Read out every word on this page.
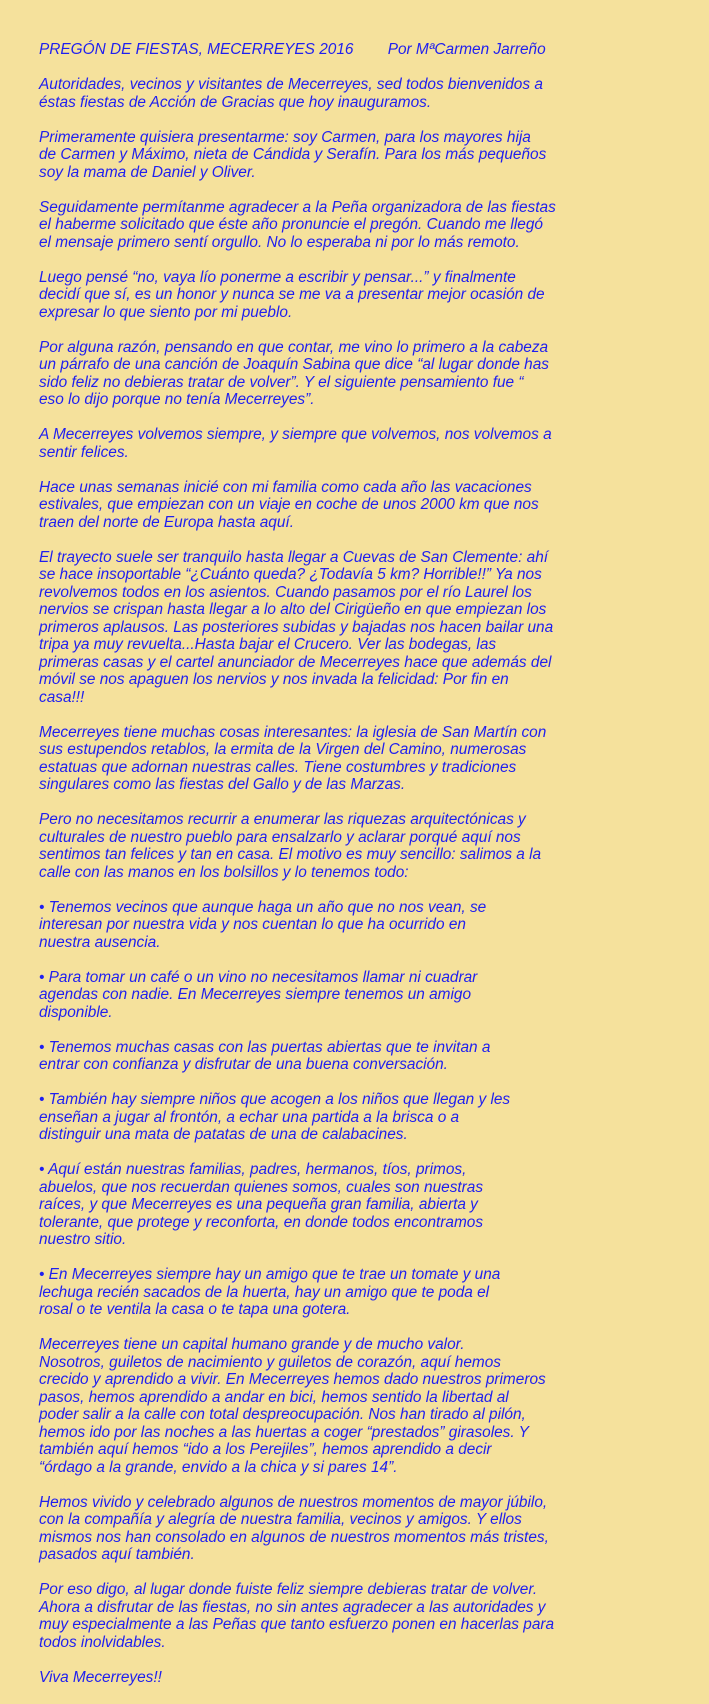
PREGÓN DE FIESTAS, MECERREYES 2016 Por MªCarmen Jarreño

Autoridades, vecinos y visitantes de Mecerreyes, sed todos bienvenidos a
éstas fiestas de Acción de Gracias que hoy inauguramos.

Primeramente quisiera presentarme: soy Carmen, para los mayores hija
de Carmen y Máximo, nieta de Cándida y Serafín. Para los más pequeños
soy la mama de Daniel y Oliver.

Seguidamente permítanme agradecer a la Peña organizadora de las fiestas
el haberme solicitado que éste año pronuncie el pregón. Cuando me llegó
el mensaje primero sentí orgullo. No lo esperaba ni por lo más remoto.

Luego pensé “no, vaya lío ponerme a escribir y pensar...” y finalmente
decidí que sí, es un honor y nunca se me va a presentar mejor ocasión de
expresar lo que siento por mi pueblo.

Por alguna razón, pensando en que contar, me vino lo primero a la cabeza
un párrafo de una canción de Joaquín Sabina que dice “al lugar donde has
sido feliz no debieras tratar de volver”. Y el siguiente pensamiento fue “
eso lo dijo porque no tenía Mecerreyes”.

A Mecerreyes volvemos siempre, y siempre que volvemos, nos volvemos a
sentir felices.

Hace unas semanas inicié con mi familia como cada año las vacaciones
estivales, que empiezan con un viaje en coche de unos 2000 km que nos
traen del norte de Europa hasta aquí.

El trayecto suele ser tranquilo hasta llegar a Cuevas de San Clemente: ahí
se hace insoportable “¿Cuánto queda? ¿Todavía 5 km? Horrible!!” Ya nos
revolvemos todos en los asientos. Cuando pasamos por el río Laurel los
nervios se crispan hasta llegar a lo alto del Cirigüeño en que empiezan los
primeros aplausos. Las posteriores subidas y bajadas nos hacen bailar una
tripa ya muy revuelta...Hasta bajar el Crucero. Ver las bodegas, las
primeras casas y el cartel anunciador de Mecerreyes hace que además del
móvil se nos apaguen los nervios y nos invada la felicidad: Por fin en
casa!!!

Mecerreyes tiene muchas cosas interesantes: la iglesia de San Martín con
sus estupendos retablos, la ermita de la Virgen del Camino, numerosas
estatuas que adornan nuestras calles. Tiene costumbres y tradiciones
singulares como las fiestas del Gallo y de las Marzas.

Pero no necesitamos recurrir a enumerar las riquezas arquitectónicas y
culturales de nuestro pueblo para ensalzarlo y aclarar porqué aquí nos
sentimos tan felices y tan en casa. El motivo es muy sencillo: salimos a la
calle con las manos en los bolsillos y lo tenemos todo:

• Tenemos vecinos que aunque haga un año que no nos vean, se
interesan por nuestra vida y nos cuentan lo que ha ocurrido en
nuestra ausencia.

• Para tomar un café o un vino no necesitamos llamar ni cuadrar
agendas con nadie. En Mecerreyes siempre tenemos un amigo
disponible.

• Tenemos muchas casas con las puertas abiertas que te invitan a
entrar con confianza y disfrutar de una buena conversación.

• También hay siempre niños que acogen a los niños que llegan y les
enseñan a jugar al frontón, a echar una partida a la brisca o a
distinguir una mata de patatas de una de calabacines.

• Aquí están nuestras familias, padres, hermanos, tíos, primos,
abuelos, que nos recuerdan quienes somos, cuales son nuestras
raíces, y que Mecerreyes es una pequeña gran familia, abierta y
tolerante, que protege y reconforta, en donde todos encontramos
nuestro sitio.

• En Mecerreyes siempre hay un amigo que te trae un tomate y una
lechuga recién sacados de la huerta, hay un amigo que te poda el
rosal o te ventila la casa o te tapa una gotera.

Mecerreyes tiene un capital humano grande y de mucho valor.
Nosotros, guiletos de nacimiento y guiletos de corazón, aquí hemos
crecido y aprendido a vivir. En Mecerreyes hemos dado nuestros primeros
pasos, hemos aprendido a andar en bici, hemos sentido la libertad al
poder salir a la calle con total despreocupación. Nos han tirado al pilón,
hemos ido por las noches a las huertas a coger “prestados” girasoles. Y
también aquí hemos “ido a los Perejiles”, hemos aprendido a decir
“órdago a la grande, envido a la chica y si pares 14”.

Hemos vivido y celebrado algunos de nuestros momentos de mayor júbilo,
con la compañía y alegría de nuestra familia, vecinos y amigos. Y ellos
mismos nos han consolado en algunos de nuestros momentos más tristes,
pasados aquí también.

Por eso digo, al lugar donde fuiste feliz siempre debieras tratar de volver.
Ahora a disfrutar de las fiestas, no sin antes agradecer a las autoridades y
muy especialmente a las Peñas que tanto esfuerzo ponen en hacerlas para
todos inolvidables.

Viva Mecerreyes!!
